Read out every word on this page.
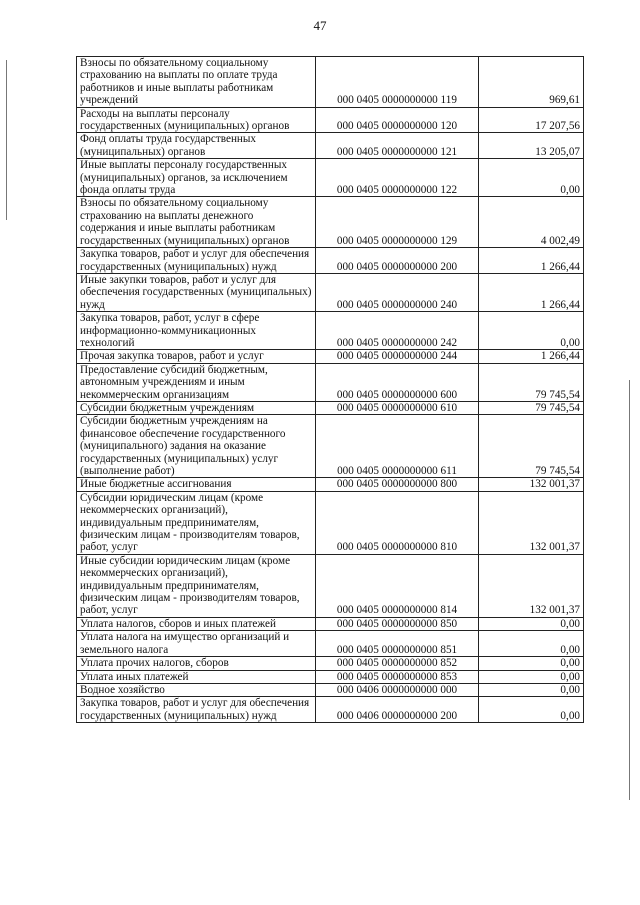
47
Взносы по обязательному социальному страхованию на выплаты по оплате труда работников и иные выплаты работникам учреждений	000 0405 0000000000 119	969,61
Расходы на выплаты персоналу государственных (муниципальных) органов	000 0405 0000000000 120	17 207,56
Фонд оплаты труда государственных (муниципальных) органов	000 0405 0000000000 121	13 205,07
Иные выплаты персоналу государственных (муниципальных) органов, за исключением фонда оплаты труда	000 0405 0000000000 122	0,00
Взносы по обязательному социальному страхованию на выплаты денежного содержания и иные выплаты работникам государственных (муниципальных) органов	000 0405 0000000000 129	4 002,49
Закупка товаров, работ и услуг для обеспечения государственных (муниципальных) нужд	000 0405 0000000000 200	1 266,44
Иные закупки товаров, работ и услуг для обеспечения государственных (муниципальных) нужд	000 0405 0000000000 240	1 266,44
Закупка товаров, работ, услуг в сфере информационно-коммуникационных технологий	000 0405 0000000000 242	0,00
Прочая закупка товаров, работ и услуг	000 0405 0000000000 244	1 266,44
Предоставление субсидий бюджетным, автономным учреждениям и иным некоммерческим организациям	000 0405 0000000000 600	79 745,54
Субсидии бюджетным учреждениям	000 0405 0000000000 610	79 745,54
Субсидии бюджетным учреждениям на финансовое обеспечение государственного (муниципального) задания на оказание государственных (муниципальных) услуг (выполнение работ)	000 0405 0000000000 611	79 745,54
Иные бюджетные ассигнования	000 0405 0000000000 800	132 001,37
Субсидии юридическим лицам (кроме некоммерческих организаций), индивидуальным предпринимателям, физическим лицам - производителям товаров, работ, услуг	000 0405 0000000000 810	132 001,37
Иные субсидии юридическим лицам (кроме некоммерческих организаций), индивидуальным предпринимателям, физическим лицам - производителям товаров, работ, услуг	000 0405 0000000000 814	132 001,37
Уплата налогов, сборов и иных платежей	000 0405 0000000000 850	0,00
Уплата налога на имущество организаций и земельного налога	000 0405 0000000000 851	0,00
Уплата прочих налогов, сборов	000 0405 0000000000 852	0,00
Уплата иных платежей	000 0405 0000000000 853	0,00
Водное хозяйство	000 0406 0000000000 000	0,00
Закупка товаров, работ и услуг для обеспечения государственных (муниципальных) нужд	000 0406 0000000000 200	0,00
